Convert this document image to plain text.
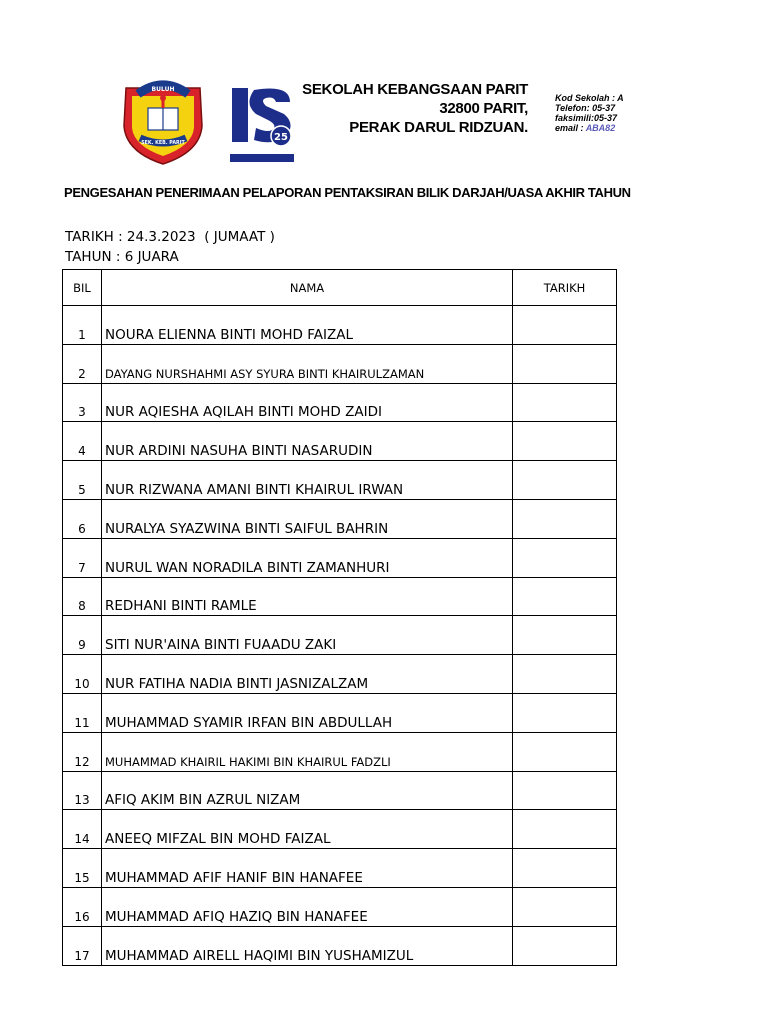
BULUH
SEK. KEB. PARIT
25
SEKOLAH KEBANGSAAN PARIT
32800 PARIT,
PERAK DARUL RIDZUAN.
Kod Sekolah : A
Telefon: 05-37
faksimili:05-37
email : ABA82
PENGESAHAN PENERIMAAN PELAPORAN PENTAKSIRAN BILIK DARJAH/UASA AKHIR TAHUN
TARIKH : 24.3.2023  ( JUMAAT )
TAHUN : 6 JUARA
BIL	NAMA	TARIKH
1	NOURA ELIENNA BINTI MOHD FAIZAL	
2	DAYANG NURSHAHMI ASY SYURA BINTI KHAIRULZAMAN	
3	NUR AQIESHA AQILAH BINTI MOHD ZAIDI	
4	NUR ARDINI NASUHA BINTI NASARUDIN	
5	NUR RIZWANA AMANI BINTI KHAIRUL IRWAN	
6	NURALYA SYAZWINA BINTI SAIFUL BAHRIN	
7	NURUL WAN NORADILA BINTI ZAMANHURI	
8	REDHANI BINTI RAMLE	
9	SITI NUR'AINA BINTI FUAADU ZAKI	
10	NUR FATIHA NADIA BINTI JASNIZALZAM	
11	MUHAMMAD SYAMIR IRFAN BIN ABDULLAH	
12	MUHAMMAD KHAIRIL HAKIMI BIN KHAIRUL FADZLI	
13	AFIQ AKIM BIN AZRUL NIZAM	
14	ANEEQ MIFZAL BIN MOHD FAIZAL	
15	MUHAMMAD AFIF HANIF BIN HANAFEE	
16	MUHAMMAD AFIQ HAZIQ BIN HANAFEE	
17	MUHAMMAD AIRELL HAQIMI BIN YUSHAMIZUL	
